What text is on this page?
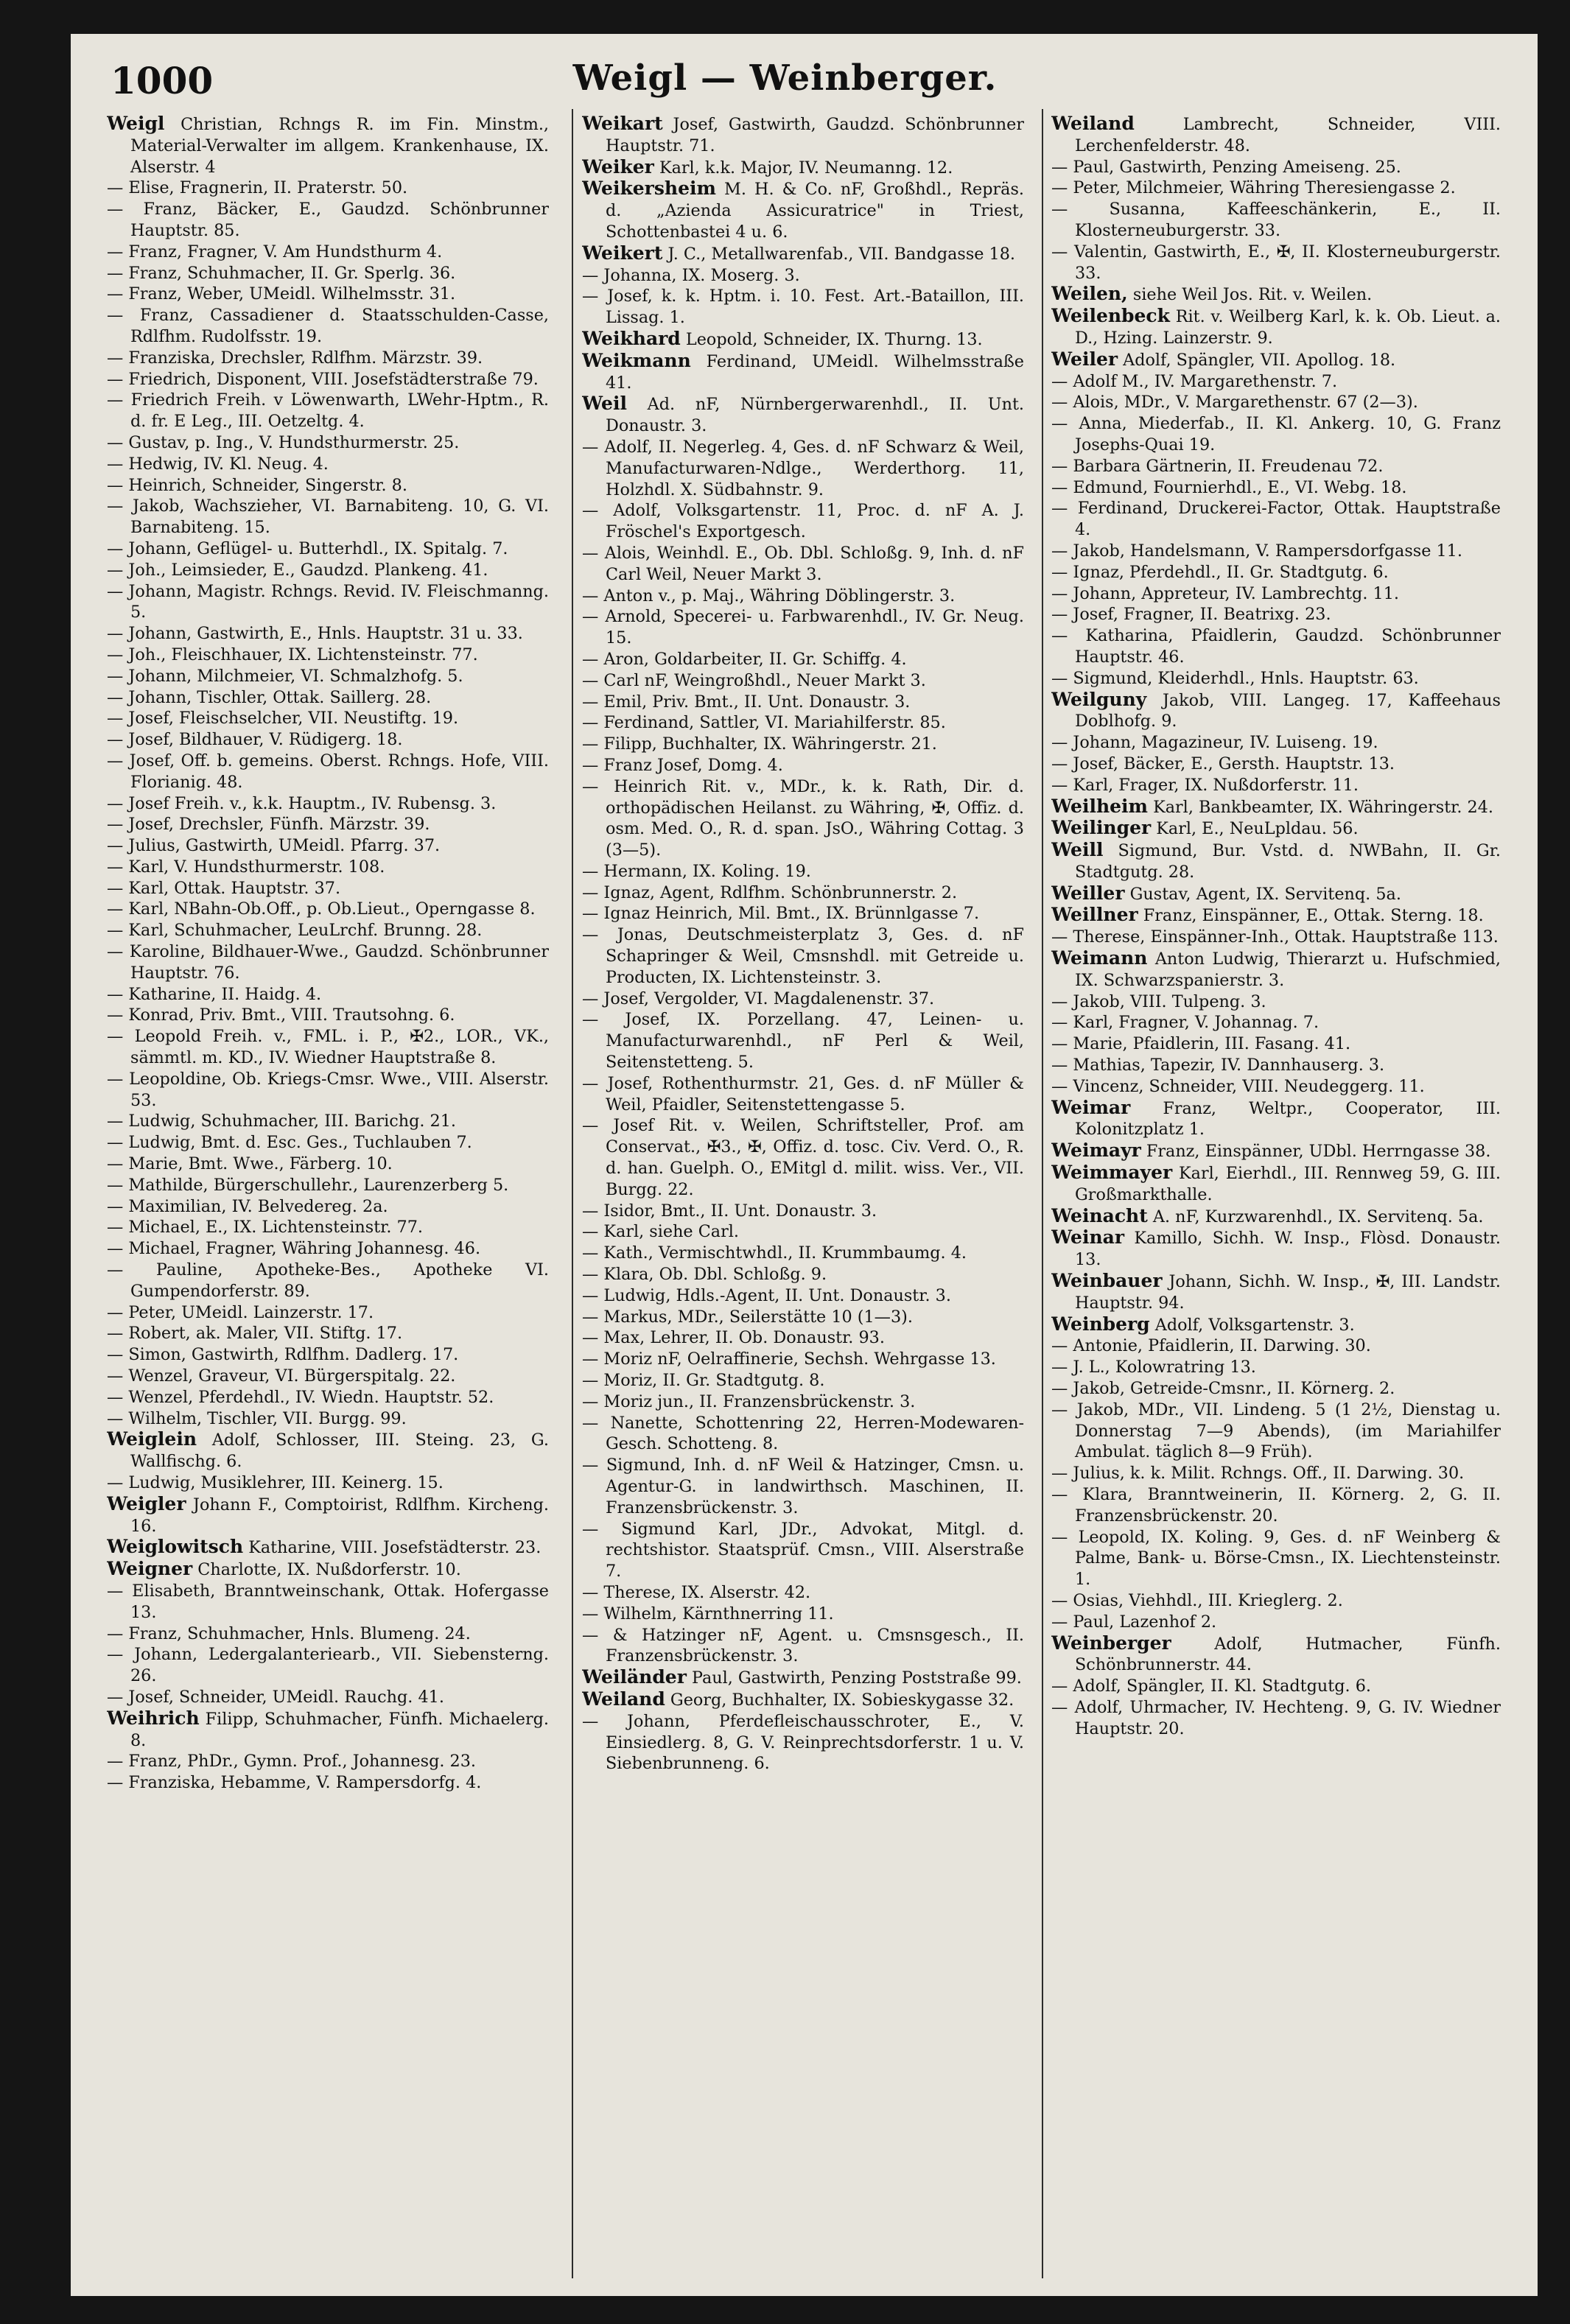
1000	Weigl — Weinberger.

Weigl Christian, Rchngs R. im Fin. Minstm., Material-Verwalter im allgem. Krankenhause, IX. Alserstr. 4

— Elise, Fragnerin, II. Praterstr. 50.

— Franz, Bäcker, E., Gaudzd. Schönbrunner Hauptstr. 85.

— Franz, Fragner, V. Am Hundsthurm 4.

— Franz, Schuhmacher, II. Gr. Sperlg. 36.

— Franz, Weber, UMeidl. Wilhelmsstr. 31.

— Franz, Cassadiener d. Staatsschulden-Casse, Rdlfhm. Rudolfsstr. 19.

— Franziska, Drechsler, Rdlfhm. Märzstr. 39.

— Friedrich, Disponent, VIII. Josefstädterstraße 79.

— Friedrich Freih. v Löwenwarth, LWehr-Hptm., R. d. fr. E Leg., III. Oetzeltg. 4.

— Gustav, p. Ing., V. Hundsthurmerstr. 25.

— Hedwig, IV. Kl. Neug. 4.

— Heinrich, Schneider, Singerstr. 8.

— Jakob, Wachszieher, VI. Barnabiteng. 10, G. VI. Barnabiteng. 15.

— Johann, Geflügel- u. Butterhdl., IX. Spitalg. 7.

— Joh., Leimsieder, E., Gaudzd. Plankeng. 41.

— Johann, Magistr. Rchngs. Revid. IV. Fleischmanng. 5.

— Johann, Gastwirth, E., Hnls. Hauptstr. 31 u. 33.

— Joh., Fleischhauer, IX. Lichtensteinstr. 77.

— Johann, Milchmeier, VI. Schmalzhofg. 5.

— Johann, Tischler, Ottak. Saillerg. 28.

— Josef, Fleischselcher, VII. Neustiftg. 19.

— Josef, Bildhauer, V. Rüdigerg. 18.

— Josef, Off. b. gemeins. Oberst. Rchngs. Hofe, VIII. Florianig. 48.

— Josef Freih. v., k.k. Hauptm., IV. Rubensg. 3.

— Josef, Drechsler, Fünfh. Märzstr. 39.

— Julius, Gastwirth, UMeidl. Pfarrg. 37.

— Karl, V. Hundsthurmerstr. 108.

— Karl, Ottak. Hauptstr. 37.

— Karl, NBahn-Ob.Off., p. Ob.Lieut., Operngasse 8.

— Karl, Schuhmacher, LeuLrchf. Brunng. 28.

— Karoline, Bildhauer-Wwe., Gaudzd. Schönbrunner Hauptstr. 76.

— Katharine, II. Haidg. 4.

— Konrad, Priv. Bmt., VIII. Trautsohng. 6.

— Leopold Freih. v., FML. i. P., ✠2., LOR., VK., sämmtl. m. KD., IV. Wiedner Hauptstraße 8.

— Leopoldine, Ob. Kriegs-Cmsr. Wwe., VIII. Alserstr. 53.

— Ludwig, Schuhmacher, III. Barichg. 21.

— Ludwig, Bmt. d. Esc. Ges., Tuchlauben 7.

— Marie, Bmt. Wwe., Färberg. 10.

— Mathilde, Bürgerschullehr., Laurenzerberg 5.

— Maximilian, IV. Belvedereg. 2a.

— Michael, E., IX. Lichtensteinstr. 77.

— Michael, Fragner, Währing Johannesg. 46.

— Pauline, Apotheke-Bes., Apotheke VI. Gumpendorferstr. 89.

— Peter, UMeidl. Lainzerstr. 17.

— Robert, ak. Maler, VII. Stiftg. 17.

— Simon, Gastwirth, Rdlfhm. Dadlerg. 17.

— Wenzel, Graveur, VI. Bürgerspitalg. 22.

— Wenzel, Pferdehdl., IV. Wiedn. Hauptstr. 52.

— Wilhelm, Tischler, VII. Burgg. 99.

Weiglein Adolf, Schlosser, III. Steing. 23, G. Wallfischg. 6.

— Ludwig, Musiklehrer, III. Keinerg. 15.

Weigler Johann F., Comptoirist, Rdlfhm. Kircheng. 16.

Weiglowitsch Katharine, VIII. Josefstädterstr. 23.

Weigner Charlotte, IX. Nußdorferstr. 10.

— Elisabeth, Branntweinschank, Ottak. Hofergasse 13.

— Franz, Schuhmacher, Hnls. Blumeng. 24.

— Johann, Ledergalanteriearb., VII. Siebensterng. 26.

— Josef, Schneider, UMeidl. Rauchg. 41.

Weihrich Filipp, Schuhmacher, Fünfh. Michaelerg. 8.

— Franz, PhDr., Gymn. Prof., Johannesg. 23.

— Franziska, Hebamme, V. Rampersdorfg. 4.

Weikart Josef, Gastwirth, Gaudzd. Schönbrunner Hauptstr. 71.

Weiker Karl, k.k. Major, IV. Neumanng. 12.

Weikersheim M. H. & Co. nF, Großhdl., Repräs. d. „Azienda Assicuratrice" in Triest, Schottenbastei 4 u. 6.

Weikert J. C., Metallwarenfab., VII. Bandgasse 18.

— Johanna, IX. Moserg. 3.

— Josef, k. k. Hptm. i. 10. Fest. Art.-Bataillon, III. Lissag. 1.

Weikhard Leopold, Schneider, IX. Thurng. 13.

Weikmann Ferdinand, UMeidl. Wilhelmsstraße 41.

Weil Ad. nF, Nürnbergerwarenhdl., II. Unt. Donaustr. 3.

— Adolf, II. Negerleg. 4, Ges. d. nF Schwarz & Weil, Manufacturwaren-Ndlge., Werderthorg. 11, Holzhdl. X. Südbahnstr. 9.

— Adolf, Volksgartenstr. 11, Proc. d. nF A. J. Fröschel's Exportgesch.

— Alois, Weinhdl. E., Ob. Dbl. Schloßg. 9, Inh. d. nF Carl Weil, Neuer Markt 3.

— Anton v., p. Maj., Währing Döblingerstr. 3.

— Arnold, Specerei- u. Farbwarenhdl., IV. Gr. Neug. 15.

— Aron, Goldarbeiter, II. Gr. Schiffg. 4.

— Carl nF, Weingroßhdl., Neuer Markt 3.

— Emil, Priv. Bmt., II. Unt. Donaustr. 3.

— Ferdinand, Sattler, VI. Mariahilferstr. 85.

— Filipp, Buchhalter, IX. Währingerstr. 21.

— Franz Josef, Domg. 4.

— Heinrich Rit. v., MDr., k. k. Rath, Dir. d. orthopädischen Heilanst. zu Währing, ✠, Offiz. d. osm. Med. O., R. d. span. JsO., Währing Cottag. 3 (3—5).

— Hermann, IX. Koling. 19.

— Ignaz, Agent, Rdlfhm. Schönbrunnerstr. 2.

— Ignaz Heinrich, Mil. Bmt., IX. Brünnlgasse 7.

— Jonas, Deutschmeisterplatz 3, Ges. d. nF Schapringer & Weil, Cmsnshdl. mit Getreide u. Producten, IX. Lichtensteinstr. 3.

— Josef, Vergolder, VI. Magdalenenstr. 37.

— Josef, IX. Porzellang. 47, Leinen- u. Manufacturwarenhdl., nF Perl & Weil, Seitenstetteng. 5.

— Josef, Rothenthurmstr. 21, Ges. d. nF Müller & Weil, Pfaidler, Seitenstettengasse 5.

— Josef Rit. v. Weilen, Schriftsteller, Prof. am Conservat., ✠3., ✠, Offiz. d. tosc. Civ. Verd. O., R. d. han. Guelph. O., EMitgl d. milit. wiss. Ver., VII. Burgg. 22.

— Isidor, Bmt., II. Unt. Donaustr. 3.

— Karl, siehe Carl.

— Kath., Vermischtwhdl., II. Krummbaumg. 4.

— Klara, Ob. Dbl. Schloßg. 9.

— Ludwig, Hdls.-Agent, II. Unt. Donaustr. 3.

— Markus, MDr., Seilerstätte 10 (1—3).

— Max, Lehrer, II. Ob. Donaustr. 93.

— Moriz nF, Oelraffinerie, Sechsh. Wehrgasse 13.

— Moriz, II. Gr. Stadtgutg. 8.

— Moriz jun., II. Franzensbrückenstr. 3.

— Nanette, Schottenring 22, Herren-Modewaren-Gesch. Schotteng. 8.

— Sigmund, Inh. d. nF Weil & Hatzinger, Cmsn. u. Agentur-G. in landwirthsch. Maschinen, II. Franzensbrückenstr. 3.

— Sigmund Karl, JDr., Advokat, Mitgl. d. rechtshistor. Staatsprüf. Cmsn., VIII. Alserstraße 7.

— Therese, IX. Alserstr. 42.

— Wilhelm, Kärnthnerring 11.

— & Hatzinger nF, Agent. u. Cmsnsgesch., II. Franzensbrückenstr. 3.

Weiländer Paul, Gastwirth, Penzing Poststraße 99.

Weiland Georg, Buchhalter, IX. Sobieskygasse 32.

— Johann, Pferdefleischausschroter, E., V. Einsiedlerg. 8, G. V. Reinprechtsdorferstr. 1 u. V. Siebenbrunneng. 6.

Weiland	Lambrecht, Schneider, VIII. Lerchenfelderstr. 48.

— Paul, Gastwirth, Penzing Ameiseng. 25.

— Peter, Milchmeier, Währing Theresiengasse 2.

— Susanna, Kaffeeschänkerin, E., II. Klosterneuburgerstr. 33.

— Valentin, Gastwirth, E., ✠, II. Klosterneuburgerstr. 33.

Weilen, siehe Weil Jos. Rit. v. Weilen.

Weilenbeck Rit. v. Weilberg Karl, k. k. Ob. Lieut. a. D., Hzing. Lainzerstr. 9.

Weiler Adolf, Spängler, VII. Apollog. 18.

— Adolf M., IV. Margarethenstr. 7.

— Alois, MDr., V. Margarethenstr. 67 (2—3).

— Anna, Miederfab., II. Kl. Ankerg. 10, G. Franz Josephs-Quai 19.

— Barbara Gärtnerin, II. Freudenau 72.

— Edmund, Fournierhdl., E., VI. Webg. 18.

— Ferdinand, Druckerei-Factor, Ottak. Hauptstraße 4.

— Jakob, Handelsmann, V. Rampersdorfgasse 11.

— Ignaz, Pferdehdl., II. Gr. Stadtgutg. 6.

— Johann, Appreteur, IV. Lambrechtg. 11.

— Josef, Fragner, II. Beatrixg. 23.

— Katharina, Pfaidlerin, Gaudzd. Schönbrunner Hauptstr. 46.

— Sigmund, Kleiderhdl., Hnls. Hauptstr. 63.

Weilguny Jakob, VIII. Langeg. 17, Kaffeehaus Doblhofg. 9.

— Johann, Magazineur, IV. Luiseng. 19.

— Josef, Bäcker, E., Gersth. Hauptstr. 13.

— Karl, Frager, IX. Nußdorferstr. 11.

Weilheim Karl, Bankbeamter, IX. Währingerstr. 24.

Weilinger Karl, E., NeuLpldau. 56.

Weill Sigmund, Bur. Vstd. d. NWBahn, II. Gr. Stadtgutg. 28.

Weiller Gustav, Agent, IX. Servitenq. 5a.

Weillner Franz, Einspänner, E., Ottak. Sterng. 18.

— Therese, Einspänner-Inh., Ottak. Hauptstraße 113.

Weimann Anton Ludwig, Thierarzt u. Hufschmied, IX. Schwarzspanierstr. 3.

— Jakob, VIII. Tulpeng. 3.

— Karl, Fragner, V. Johannag. 7.

— Marie, Pfaidlerin, III. Fasang. 41.

— Mathias, Tapezir, IV. Dannhauserg. 3.

— Vincenz, Schneider, VIII. Neudeggerg. 11.

Weimar Franz, Weltpr., Cooperator, III. Kolonitzplatz 1.

Weimayr Franz, Einspänner, UDbl. Herrngasse 38.

Weimmayer Karl, Eierhdl., III. Rennweg 59, G. III. Großmarkthalle.

Weinacht A. nF, Kurzwarenhdl., IX. Servitenq. 5a.

Weinar Kamillo, Sichh. W. Insp., Flòsd. Donaustr. 13.

Weinbauer Johann, Sichh. W. Insp., ✠, III. Landstr. Hauptstr. 94.

Weinberg Adolf, Volksgartenstr. 3.

— Antonie, Pfaidlerin, II. Darwing. 30.

— J. L., Kolowratring 13.

— Jakob, Getreide-Cmsnr., II. Körnerg. 2.

— Jakob, MDr., VII. Lindeng. 5 (1 2½, Dienstag u. Donnerstag 7—9 Abends), (im Mariahilfer Ambulat. täglich 8—9 Früh).

— Julius, k. k. Milit. Rchngs. Off., II. Darwing. 30.

— Klara, Branntweinerin, II. Körnerg. 2, G. II. Franzensbrückenstr. 20.

— Leopold, IX. Koling. 9, Ges. d. nF Weinberg & Palme, Bank- u. Börse-Cmsn., IX. Liechtensteinstr. 1.

— Osias, Viehhdl., III. Krieglerg. 2.

— Paul, Lazenhof 2.

Weinberger	Adolf, Hutmacher, Fünfh. Schönbrunnerstr. 44.

— Adolf, Spängler, II. Kl. Stadtgutg. 6.

— Adolf, Uhrmacher, IV. Hechteng. 9, G. IV. Wiedner Hauptstr. 20.
